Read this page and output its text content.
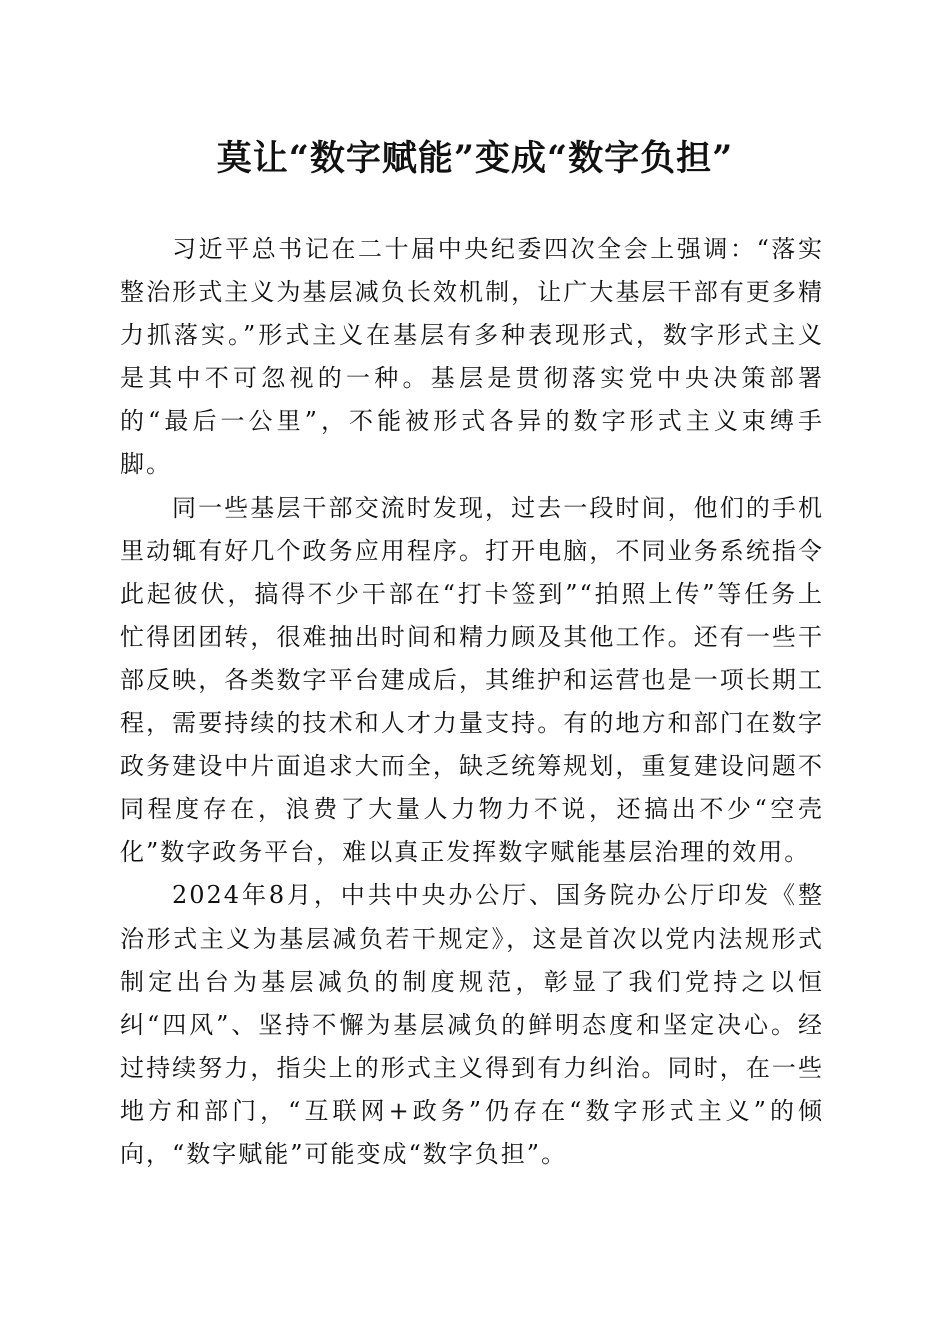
莫让“数字赋能”变成“数字负担”

习近平总书记在二十届中央纪委四次全会上强调：“落实整治形式主义为基层减负长效机制，让广大基层干部有更多精力抓落实。”形式主义在基层有多种表现形式，数字形式主义是其中不可忽视的一种。基层是贯彻落实党中央决策部署的“最后一公里”，不能被形式各异的数字形式主义束缚手脚。

同一些基层干部交流时发现，过去一段时间，他们的手机里动辄有好几个政务应用程序。打开电脑，不同业务系统指令此起彼伏，搞得不少干部在“打卡签到”“拍照上传”等任务上忙得团团转，很难抽出时间和精力顾及其他工作。还有一些干部反映，各类数字平台建成后，其维护和运营也是一项长期工程，需要持续的技术和人才力量支持。有的地方和部门在数字政务建设中片面追求大而全，缺乏统筹规划，重复建设问题不同程度存在，浪费了大量人力物力不说，还搞出不少“空壳化”数字政务平台，难以真正发挥数字赋能基层治理的效用。

2024年8月，中共中央办公厅、国务院办公厅印发《整治形式主义为基层减负若干规定》，这是首次以党内法规形式制定出台为基层减负的制度规范，彰显了我们党持之以恒纠“四风”、坚持不懈为基层减负的鲜明态度和坚定决心。经过持续努力，指尖上的形式主义得到有力纠治。同时，在一些地方和部门，“互联网+政务”仍存在“数字形式主义”的倾向，“数字赋能”可能变成“数字负担”。
